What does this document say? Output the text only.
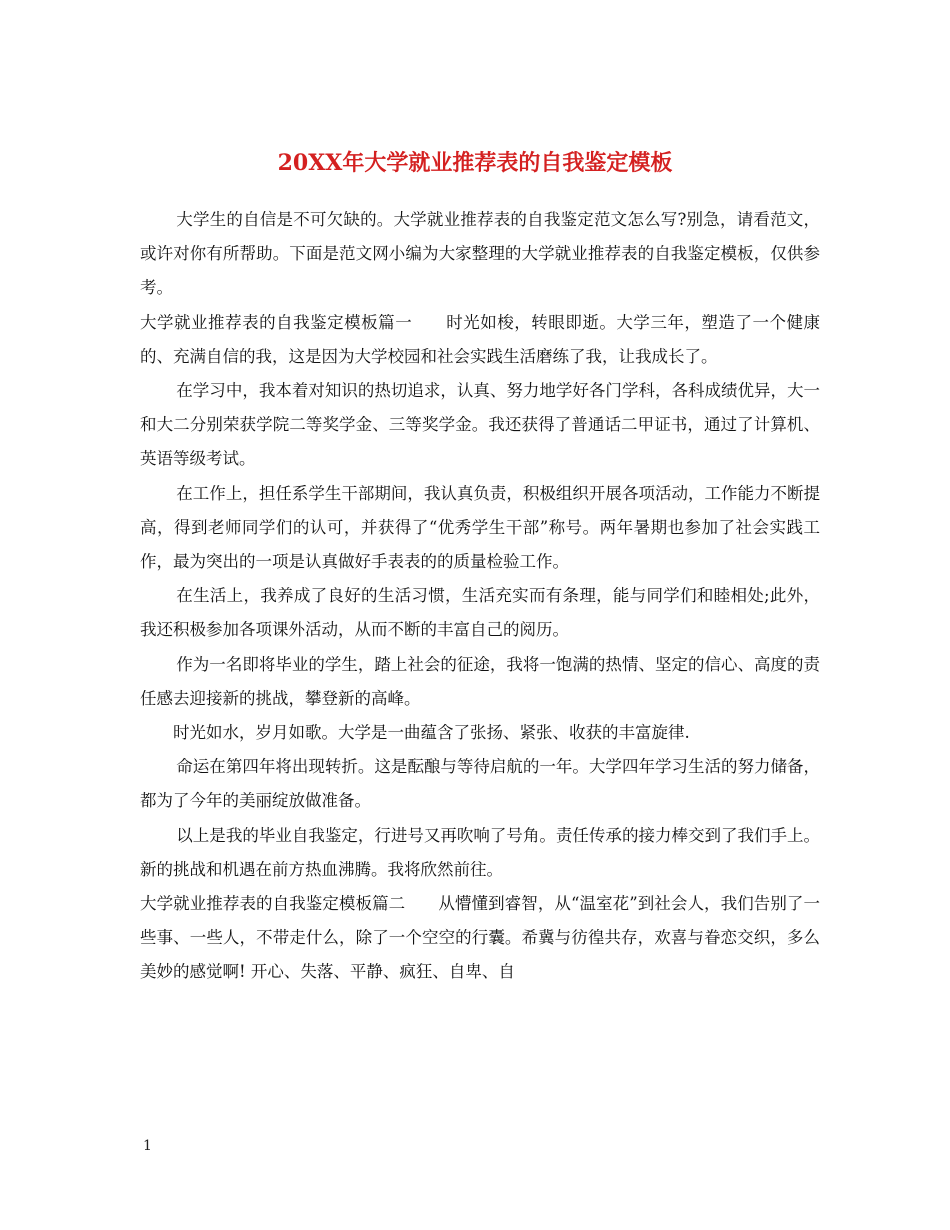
20XX年大学就业推荐表的自我鉴定模板

大学生的自信是不可欠缺的。大学就业推荐表的自我鉴定范文怎么写?别急，请看范文，或许对你有所帮助。下面是范文网小编为大家整理的大学就业推荐表的自我鉴定模板，仅供参考。

大学就业推荐表的自我鉴定模板篇一　　时光如梭，转眼即逝。大学三年，塑造了一个健康的、充满自信的我，这是因为大学校园和社会实践生活磨练了我，让我成长了。

在学习中，我本着对知识的热切追求，认真、努力地学好各门学科，各科成绩优异，大一和大二分别荣获学院二等奖学金、三等奖学金。我还获得了普通话二甲证书，通过了计算机、英语等级考试。

在工作上，担任系学生干部期间，我认真负责，积极组织开展各项活动，工作能力不断提高，得到老师同学们的认可，并获得了“优秀学生干部”称号。两年暑期也参加了社会实践工作，最为突出的一项是认真做好手表表的的质量检验工作。

在生活上，我养成了良好的生活习惯，生活充实而有条理，能与同学们和睦相处;此外，我还积极参加各项课外活动，从而不断的丰富自己的阅历。

作为一名即将毕业的学生，踏上社会的征途，我将一饱满的热情、坚定的信心、高度的责任感去迎接新的挑战，攀登新的高峰。

时光如水，岁月如歌。大学是一曲蕴含了张扬、紧张、收获的丰富旋律.

命运在第四年将出现转折。这是酝酿与等待启航的一年。大学四年学习生活的努力储备，都为了今年的美丽绽放做准备。

以上是我的毕业自我鉴定，行进号又再吹响了号角。责任传承的接力棒交到了我们手上。新的挑战和机遇在前方热血沸腾。我将欣然前往。

大学就业推荐表的自我鉴定模板篇二　　从懵懂到睿智，从“温室花”到社会人，我们告别了一些事、一些人，不带走什么，除了一个空空的行囊。希冀与彷徨共存，欢喜与眷恋交织，多么美妙的感觉啊! 开心、失落、平静、疯狂、自卑、自

1
